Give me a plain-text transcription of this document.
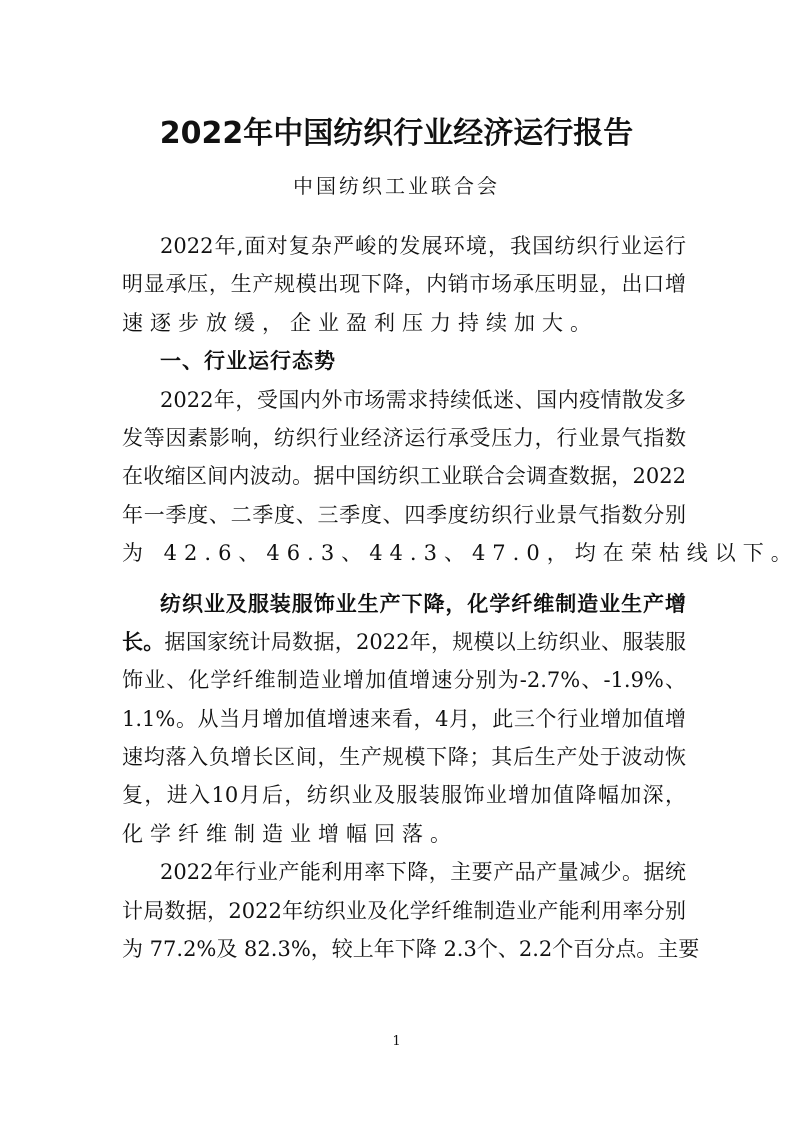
2022年中国纺织行业经济运行报告
中国纺织工业联合会
2022年,面对复杂严峻的发展环境，我国纺织行业运行
明显承压，生产规模出现下降，内销市场承压明显，出口增
速逐步放缓，企业盈利压力持续加大。
一、行业运行态势
2022年，受国内外市场需求持续低迷、国内疫情散发多
发等因素影响，纺织行业经济运行承受压力，行业景气指数
在收缩区间内波动。据中国纺织工业联合会调查数据，2022
年一季度、二季度、三季度、四季度纺织行业景气指数分别
为 42.6、46.3、44.3、47.0，均在荣枯线以下。
纺织业及服装服饰业生产下降，化学纤维制造业生产增
长。据国家统计局数据，2022年，规模以上纺织业、服装服
饰业、化学纤维制造业增加值增速分别为-2.7%、-1.9%、
1.1%。从当月增加值增速来看，4月，此三个行业增加值增
速均落入负增长区间，生产规模下降；其后生产处于波动恢
复，进入10月后，纺织业及服装服饰业增加值降幅加深，
化学纤维制造业增幅回落。
2022年行业产能利用率下降，主要产品产量减少。据统
计局数据，2022年纺织业及化学纤维制造业产能利用率分别
为 77.2%及 82.3%，较上年下降 2.3个、2.2个百分点。主要
1
